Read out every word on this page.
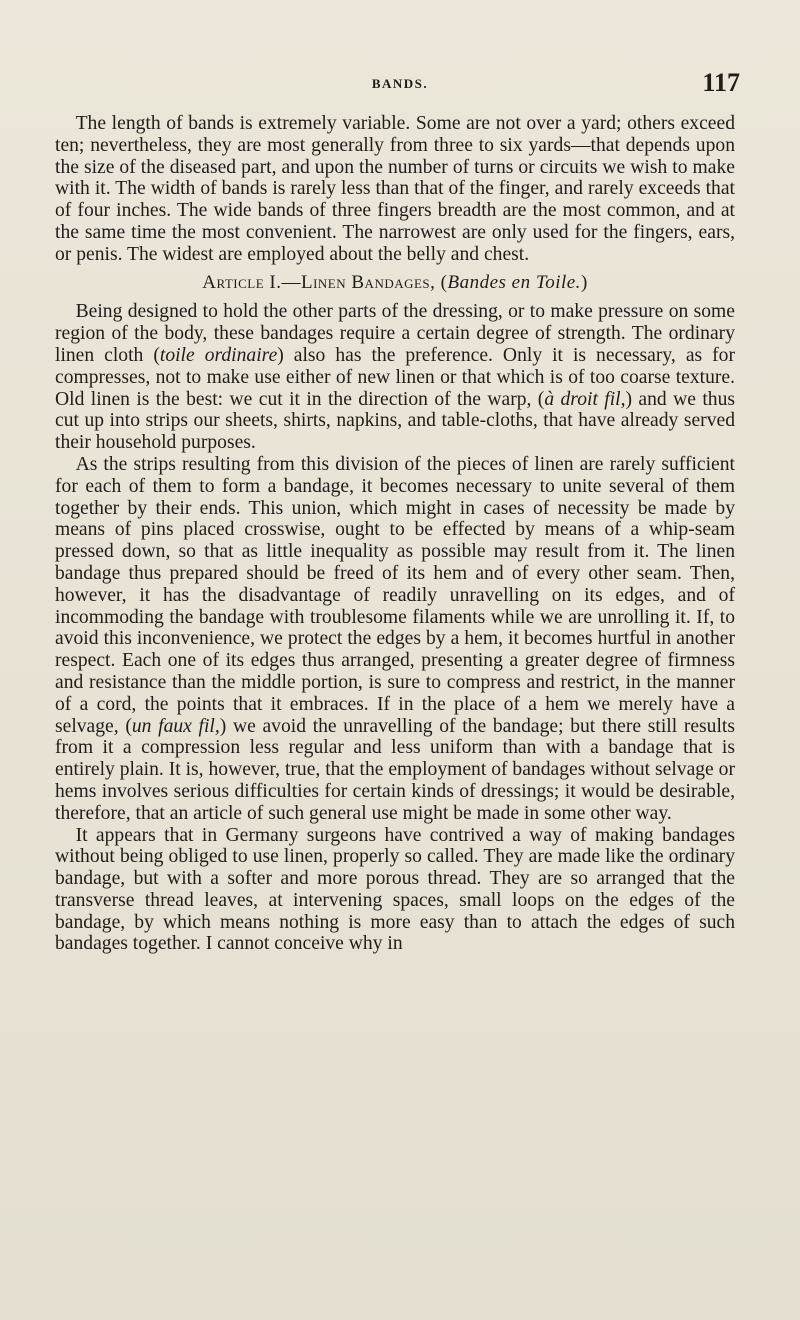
BANDS.	117

The length of bands is extremely variable. Some are not over a yard; others exceed ten; nevertheless, they are most generally from three to six yards—that depends upon the size of the diseased part, and upon the number of turns or circuits we wish to make with it. The width of bands is rarely less than that of the finger, and rarely exceeds that of four inches. The wide bands of three fingers breadth are the most common, and at the same time the most convenient. The narrowest are only used for the fingers, ears, or penis. The widest are employed about the belly and chest.

Article I.—Linen Bandages, (Bandes en Toile.)

Being designed to hold the other parts of the dressing, or to make pressure on some region of the body, these bandages require a certain degree of strength. The ordinary linen cloth (toile ordinaire) also has the preference. Only it is necessary, as for compresses, not to make use either of new linen or that which is of too coarse texture. Old linen is the best: we cut it in the direction of the warp, (à droit fil,) and we thus cut up into strips our sheets, shirts, napkins, and table-cloths, that have already served their household purposes.

As the strips resulting from this division of the pieces of linen are rarely sufficient for each of them to form a bandage, it becomes necessary to unite several of them together by their ends. This union, which might in cases of necessity be made by means of pins placed crosswise, ought to be effected by means of a whip-seam pressed down, so that as little inequality as possible may result from it. The linen bandage thus prepared should be freed of its hem and of every other seam. Then, however, it has the disadvantage of readily unravelling on its edges, and of incommoding the bandage with troublesome filaments while we are unrolling it. If, to avoid this inconvenience, we protect the edges by a hem, it becomes hurtful in another respect. Each one of its edges thus arranged, presenting a greater degree of firmness and resistance than the middle portion, is sure to compress and restrict, in the manner of a cord, the points that it embraces. If in the place of a hem we merely have a selvage, (un faux fil,) we avoid the unravelling of the bandage; but there still results from it a compression less regular and less uniform than with a bandage that is entirely plain. It is, however, true, that the employment of bandages without selvage or hems involves serious difficulties for certain kinds of dressings; it would be desirable, therefore, that an article of such general use might be made in some other way.

It appears that in Germany surgeons have contrived a way of making bandages without being obliged to use linen, properly so called. They are made like the ordinary bandage, but with a softer and more porous thread. They are so arranged that the transverse thread leaves, at intervening spaces, small loops on the edges of the bandage, by which means nothing is more easy than to attach the edges of such bandages together. I cannot conceive why in
